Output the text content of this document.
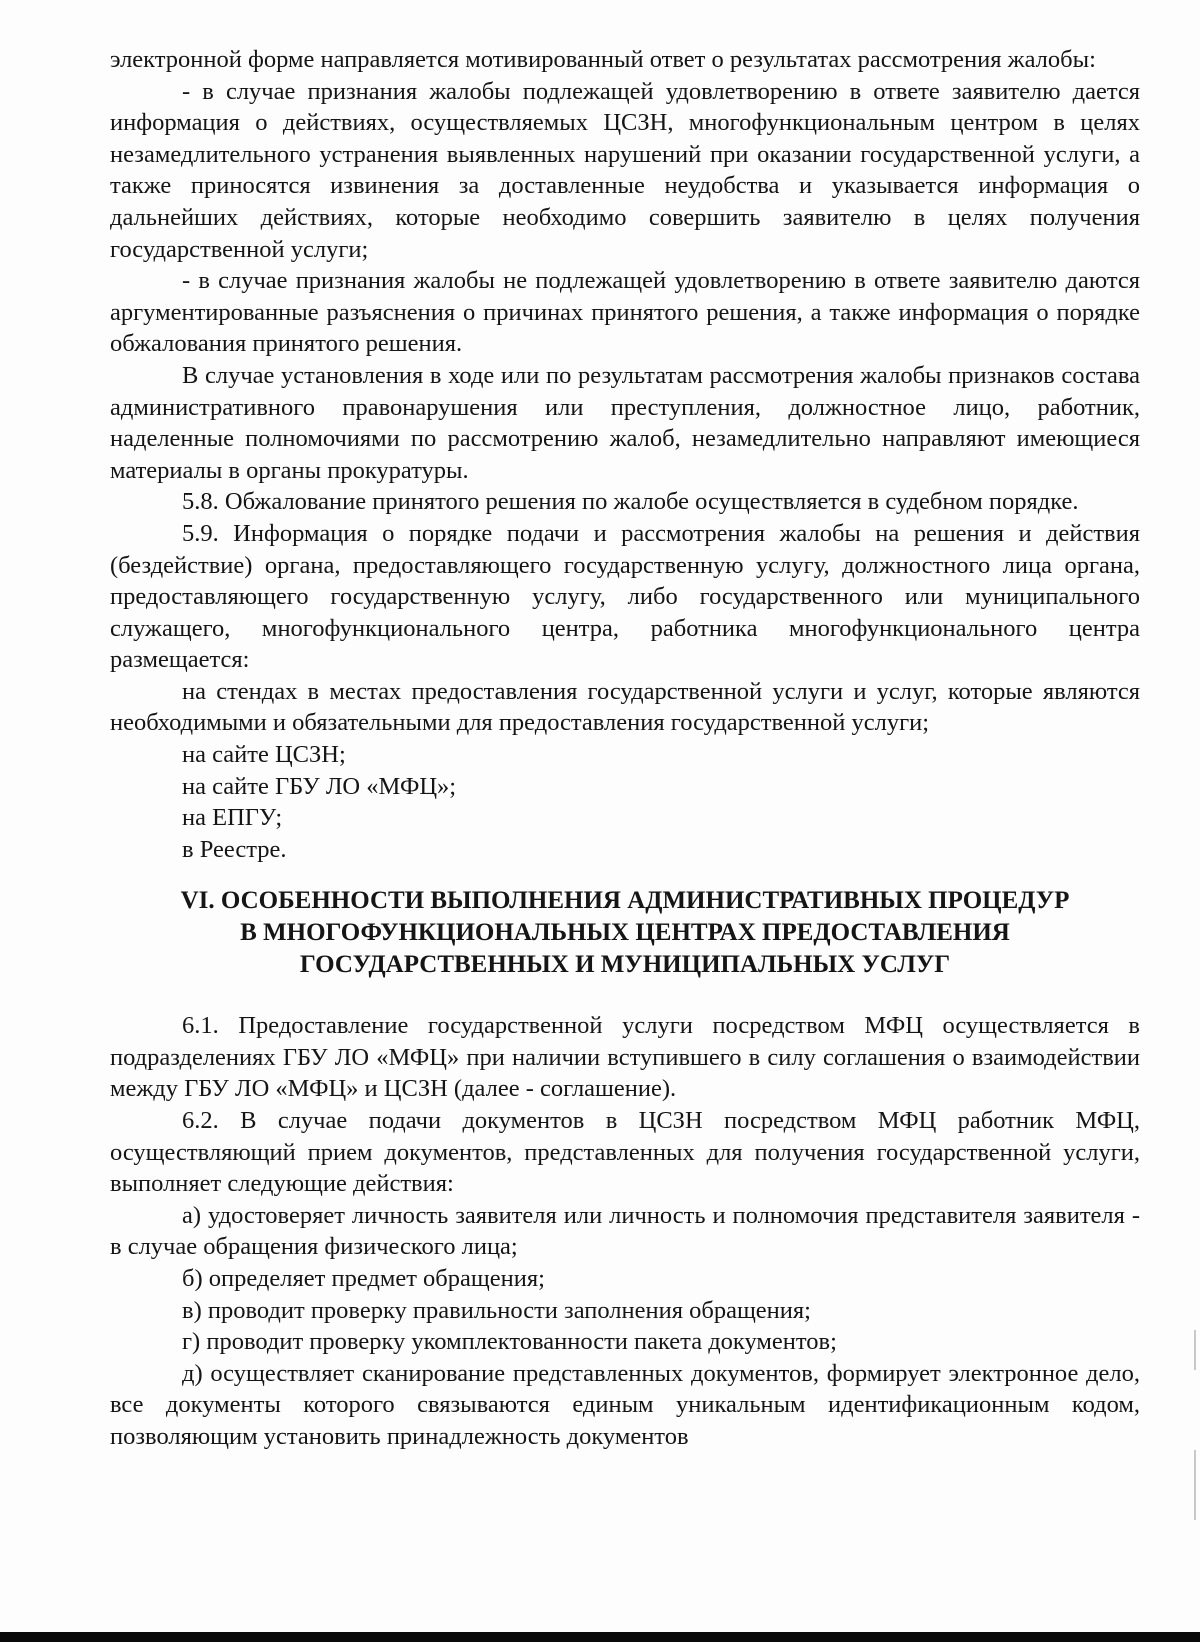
электронной форме направляется мотивированный ответ о результатах рассмотрения жалобы:

- в случае признания жалобы подлежащей удовлетворению в ответе заявителю дается информация о действиях, осуществляемых ЦСЗН, многофункциональным центром в целях незамедлительного устранения выявленных нарушений при оказании государственной услуги, а также приносятся извинения за доставленные неудобства и указывается информация о дальнейших действиях, которые необходимо совершить заявителю в целях получения государственной услуги;

- в случае признания жалобы не подлежащей удовлетворению в ответе заявителю даются аргументированные разъяснения о причинах принятого решения, а также информация о порядке обжалования принятого решения.

В случае установления в ходе или по результатам рассмотрения жалобы признаков состава административного правонарушения или преступления, должностное лицо, работник, наделенные полномочиями по рассмотрению жалоб, незамедлительно направляют имеющиеся материалы в органы прокуратуры.

5.8. Обжалование принятого решения по жалобе осуществляется в судебном порядке.

5.9. Информация о порядке подачи и рассмотрения жалобы на решения и действия (бездействие) органа, предоставляющего государственную услугу, должностного лица органа, предоставляющего государственную услугу, либо государственного или муниципального служащего, многофункционального центра, работника многофункционального центра размещается:

на стендах в местах предоставления государственной услуги и услуг, которые являются необходимыми и обязательными для предоставления государственной услуги;

на сайте ЦСЗН;

на сайте ГБУ ЛО «МФЦ»;

на ЕПГУ;

в Реестре.

VI. ОСОБЕННОСТИ ВЫПОЛНЕНИЯ АДМИНИСТРАТИВНЫХ ПРОЦЕДУР
В МНОГОФУНКЦИОНАЛЬНЫХ ЦЕНТРАХ ПРЕДОСТАВЛЕНИЯ
ГОСУДАРСТВЕННЫХ И МУНИЦИПАЛЬНЫХ УСЛУГ

6.1. Предоставление государственной услуги посредством МФЦ осуществляется в подразделениях ГБУ ЛО «МФЦ» при наличии вступившего в силу соглашения о взаимодействии между ГБУ ЛО «МФЦ» и ЦСЗН (далее - соглашение).

6.2. В случае подачи документов в ЦСЗН посредством МФЦ работник МФЦ, осуществляющий прием документов, представленных для получения государственной услуги, выполняет следующие действия:

а) удостоверяет личность заявителя или личность и полномочия представителя заявителя - в случае обращения физического лица;

б) определяет предмет обращения;

в) проводит проверку правильности заполнения обращения;

г) проводит проверку укомплектованности пакета документов;

д) осуществляет сканирование представленных документов, формирует электронное дело, все документы которого связываются единым уникальным идентификационным кодом, позволяющим установить принадлежность документов
